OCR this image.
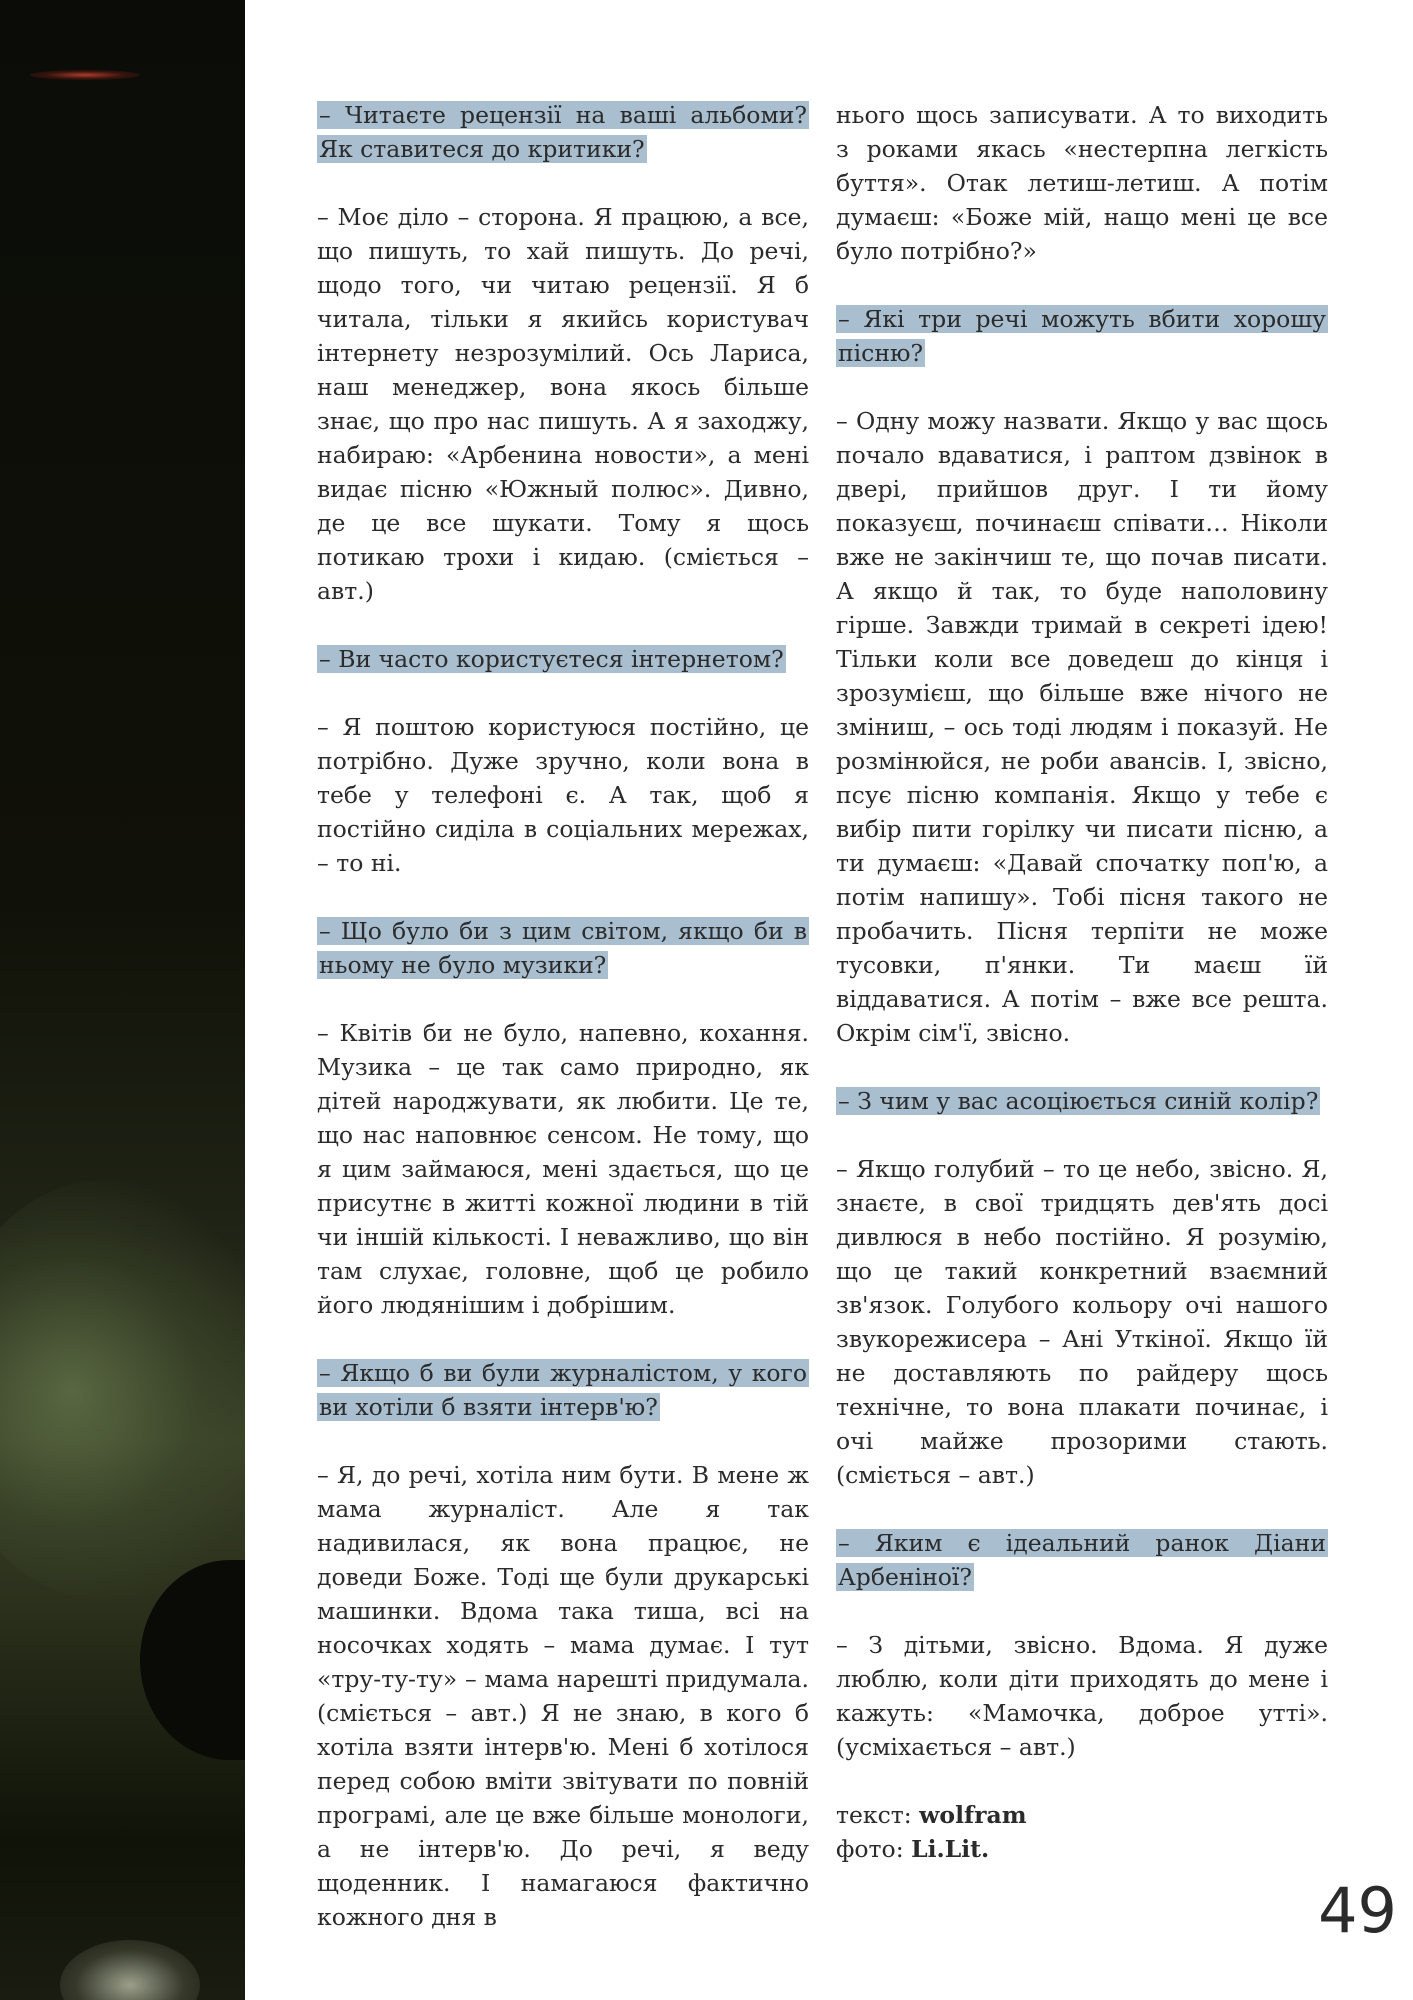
– Читаєте рецензії на ваші альбоми? Як ставитеся до критики?

– Моє діло – сторона. Я працюю, а все, що пишуть, то хай пишуть. До речі, щодо того, чи читаю рецензії. Я б читала, тільки я якийсь користувач інтернету незрозумілий. Ось Лариса, наш менеджер, вона якось більше знає, що про нас пишуть. А я заходжу, набираю: «Арбенина новости», а мені видає пісню «Южный полюс». Дивно, де це все шукати. Тому я щось потикаю трохи і кидаю. (сміється – авт.)

– Ви часто користуєтеся інтернетом?

– Я поштою користуюся постійно, це потрібно. Дуже зручно, коли вона в тебе у телефоні є. А так, щоб я постійно сиділа в соціальних мережах, – то ні.

– Що було би з цим світом, якщо би в ньому не було музики?

– Квітів би не було, напевно, кохання. Музика – це так само природно, як дітей народжувати, як любити. Це те, що нас наповнює сенсом. Не тому, що я цим займаюся, мені здається, що це присутнє в житті кожної людини в тій чи іншій кількості. І неважливо, що він там слухає, головне, щоб це робило його людянішим і добрішим.

– Якщо б ви були журналістом, у кого ви хотіли б взяти інтерв'ю?

– Я, до речі, хотіла ним бути. В мене ж мама журналіст. Але я так надивилася, як вона працює, не доведи Боже. Тоді ще були друкарські машинки. Вдома така тиша, всі на носочках ходять – мама думає. І тут «тру-ту-ту» – мама нарешті придумала. (сміється – авт.) Я не знаю, в кого б хотіла взяти інтерв'ю. Мені б хотілося перед собою вміти звітувати по повній програмі, але це вже більше монологи, а не інтерв'ю. До речі, я веду щоденник. І намагаюся фактично кожного дня в

нього щось записувати. А то виходить з роками якась «нестерпна легкість буття». Отак летиш-летиш. А потім думаєш: «Боже мій, нащо мені це все було потрібно?»

– Які три речі можуть вбити хорошу пісню?

– Одну можу назвати. Якщо у вас щось почало вдаватися, і раптом дзвінок в двері, прийшов друг. І ти йому показуєш, починаєш співати… Ніколи вже не закінчиш те, що почав писати. А якщо й так, то буде наполовину гірше. Завжди тримай в секреті ідею! Тільки коли все доведеш до кінця і зрозумієш, що більше вже нічого не зміниш, – ось тоді людям і показуй. Не розмінюйся, не роби авансів. І, звісно, псує пісню компанія. Якщо у тебе є вибір пити горілку чи писати пісню, а ти думаєш: «Давай спочатку поп'ю, а потім напишу». Тобі пісня такого не пробачить. Пісня терпіти не може тусовки, п'янки. Ти маєш їй віддаватися. А потім – вже все решта. Окрім сім'ї, звісно.

– З чим у вас асоціюється синій колір?

– Якщо голубий – то це небо, звісно. Я, знаєте, в свої тридцять дев'ять досі дивлюся в небо постійно. Я розумію, що це такий конкретний взаємний зв'язок. Голубого кольору очі нашого звукорежисера – Ані Уткіної. Якщо їй не доставляють по райдеру щось технічне, то вона плакати починає, і очі майже прозорими стають. (сміється – авт.)

– Яким є ідеальний ранок Діани Арбеніної?

– З дітьми, звісно. Вдома. Я дуже люблю, коли діти приходять до мене і кажуть: «Мамочка, доброе утті». (усміхається – авт.)

текст: wolfram
фото: Li.Lit.
49
